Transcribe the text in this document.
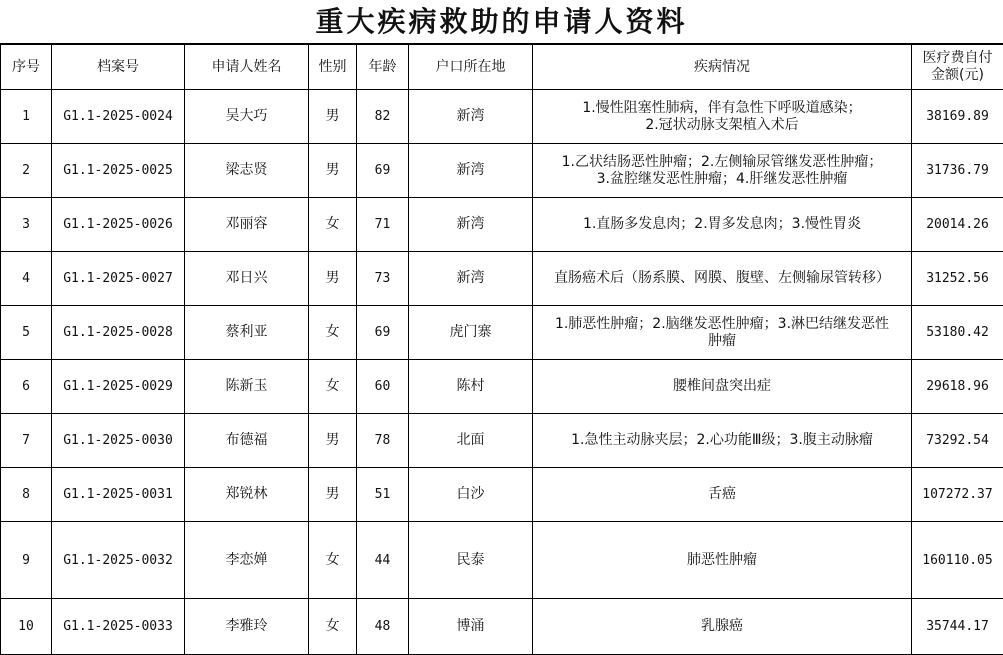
重大疾病救助的申请人资料
序号	档案号	申请人姓名	性别	年龄	户口所在地	疾病情况	医疗费自付金额(元)
1	G1.1-2025-0024	吴大巧	男	82	新湾	1.慢性阻塞性肺病，伴有急性下呼吸道感染；
2.冠状动脉支架植入术后	38169.89
2	G1.1-2025-0025	梁志贤	男	69	新湾	1.乙状结肠恶性肿瘤；2.左侧输尿管继发恶性肿瘤；
3.盆腔继发恶性肿瘤；4.肝继发恶性肿瘤	31736.79
3	G1.1-2025-0026	邓丽容	女	71	新湾	1.直肠多发息肉；2.胃多发息肉；3.慢性胃炎	20014.26
4	G1.1-2025-0027	邓日兴	男	73	新湾	直肠癌术后（肠系膜、网膜、腹壁、左侧输尿管转移）	31252.56
5	G1.1-2025-0028	蔡利亚	女	69	虎门寨	1.肺恶性肿瘤；2.脑继发恶性肿瘤；3.淋巴结继发恶性
肿瘤	53180.42
6	G1.1-2025-0029	陈新玉	女	60	陈村	腰椎间盘突出症	29618.96
7	G1.1-2025-0030	布德福	男	78	北面	1.急性主动脉夹层；2.心功能Ⅲ级；3.腹主动脉瘤	73292.54
8	G1.1-2025-0031	郑锐林	男	51	白沙	舌癌	107272.37
9	G1.1-2025-0032	李恋婵	女	44	民泰	肺恶性肿瘤	160110.05
10	G1.1-2025-0033	李雅玲	女	48	博涌	乳腺癌	35744.17
